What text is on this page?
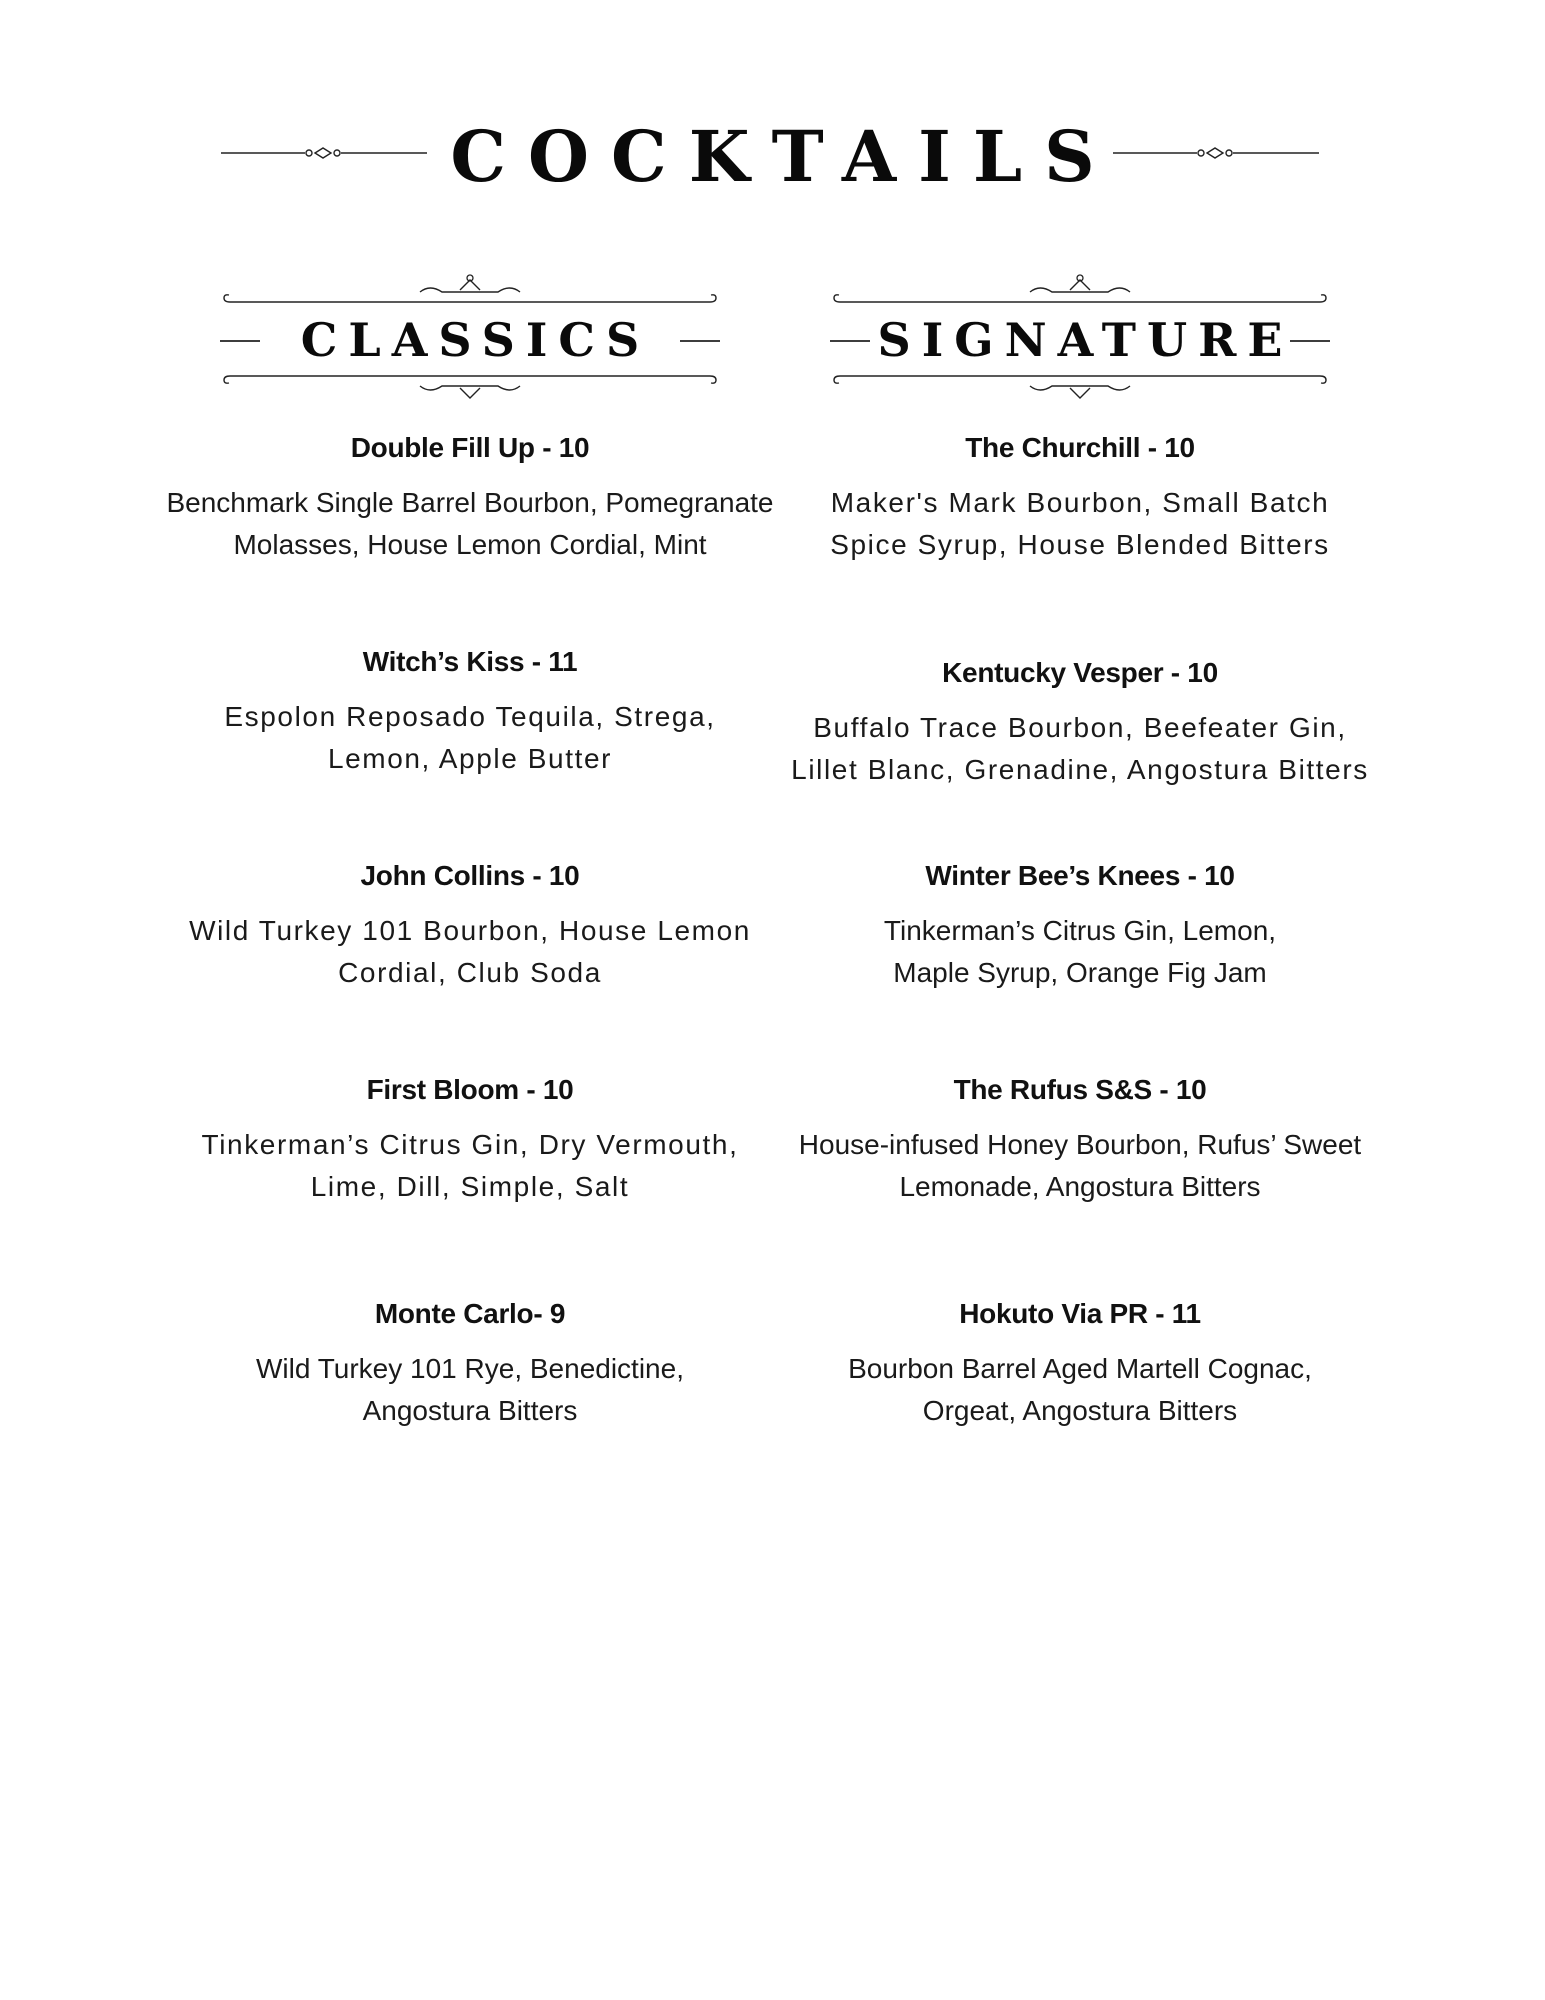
COCKTAILS
CLASSICS	SIGNATURE
Double Fill Up - 10
Benchmark Single Barrel Bourbon, Pomegranate
Molasses, House Lemon Cordial, Mint
Witch’s Kiss - 11
Espolon Reposado Tequila, Strega,
Lemon, Apple Butter
John Collins - 10
Wild Turkey 101 Bourbon, House Lemon
Cordial, Club Soda
First Bloom - 10
Tinkerman’s Citrus Gin, Dry Vermouth,
Lime, Dill, Simple, Salt
Monte Carlo- 9
Wild Turkey 101 Rye, Benedictine,
Angostura Bitters
The Churchill - 10
Maker's Mark Bourbon, Small Batch
Spice Syrup, House Blended Bitters
Kentucky Vesper - 10
Buffalo Trace Bourbon, Beefeater Gin,
Lillet Blanc, Grenadine, Angostura Bitters
Winter Bee’s Knees - 10
Tinkerman’s Citrus Gin, Lemon,
Maple Syrup, Orange Fig Jam
The Rufus S&S - 10
House-infused Honey Bourbon, Rufus’ Sweet
Lemonade, Angostura Bitters
Hokuto Via PR - 11
Bourbon Barrel Aged Martell Cognac,
Orgeat, Angostura Bitters
